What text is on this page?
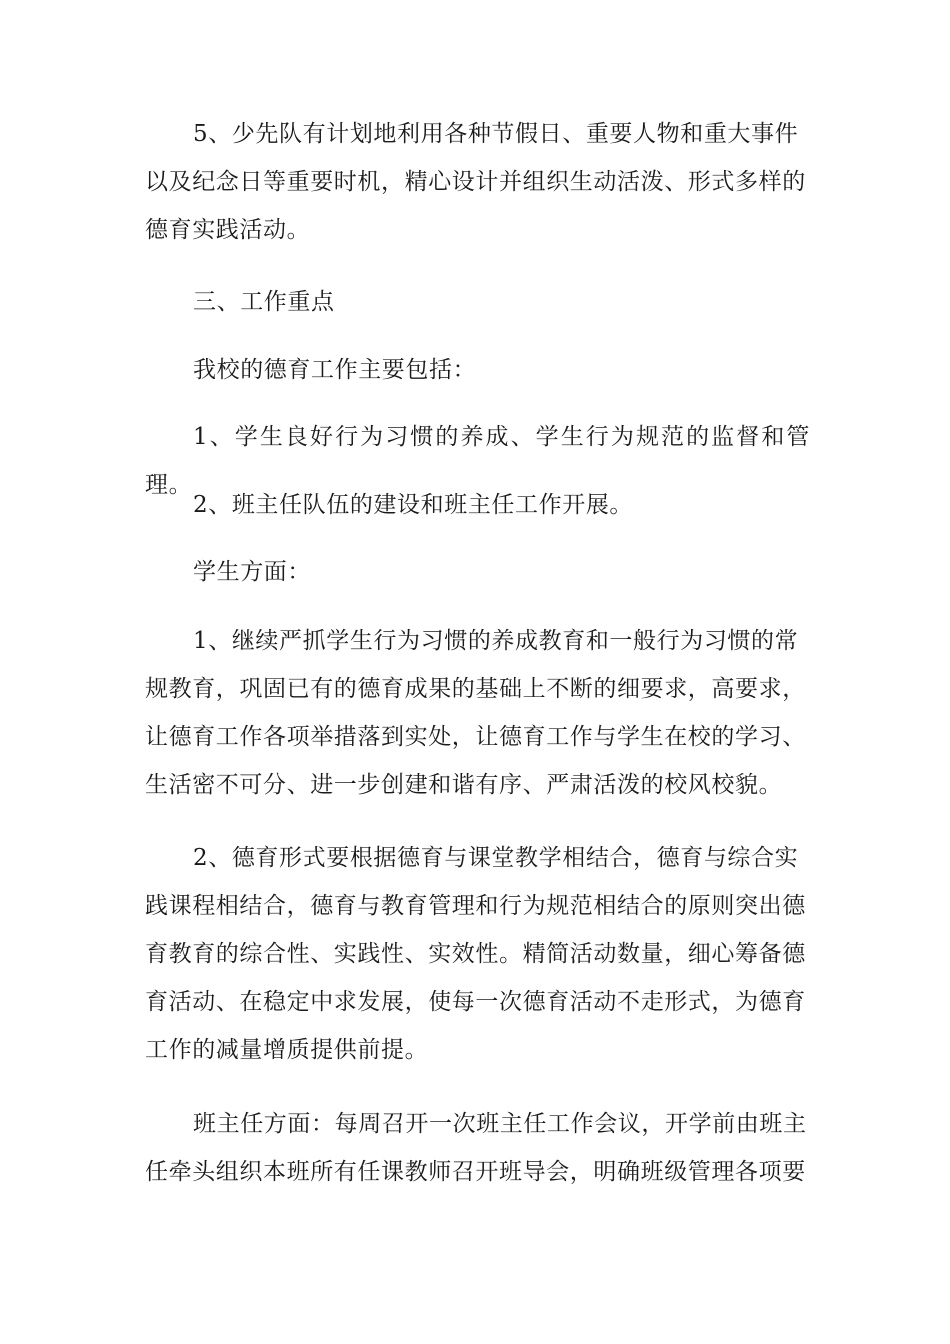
5、少先队有计划地利用各种节假日、重要人物和重大事件
以及纪念日等重要时机，精心设计并组织生动活泼、形式多样的
德育实践活动。
三、工作重点
我校的德育工作主要包括：
1、学生良好行为习惯的养成、学生行为规范的监督和管理。
2、班主任队伍的建设和班主任工作开展。
学生方面：
1、继续严抓学生行为习惯的养成教育和一般行为习惯的常
规教育，巩固已有的德育成果的基础上不断的细要求，高要求，
让德育工作各项举措落到实处，让德育工作与学生在校的学习、
生活密不可分、进一步创建和谐有序、严肃活泼的校风校貌。
2、德育形式要根据德育与课堂教学相结合，德育与综合实
践课程相结合，德育与教育管理和行为规范相结合的原则突出德
育教育的综合性、实践性、实效性。精简活动数量，细心筹备德
育活动、在稳定中求发展，使每一次德育活动不走形式，为德育
工作的减量增质提供前提。
班主任方面：每周召开一次班主任工作会议，开学前由班主
任牵头组织本班所有任课教师召开班导会，明确班级管理各项要
